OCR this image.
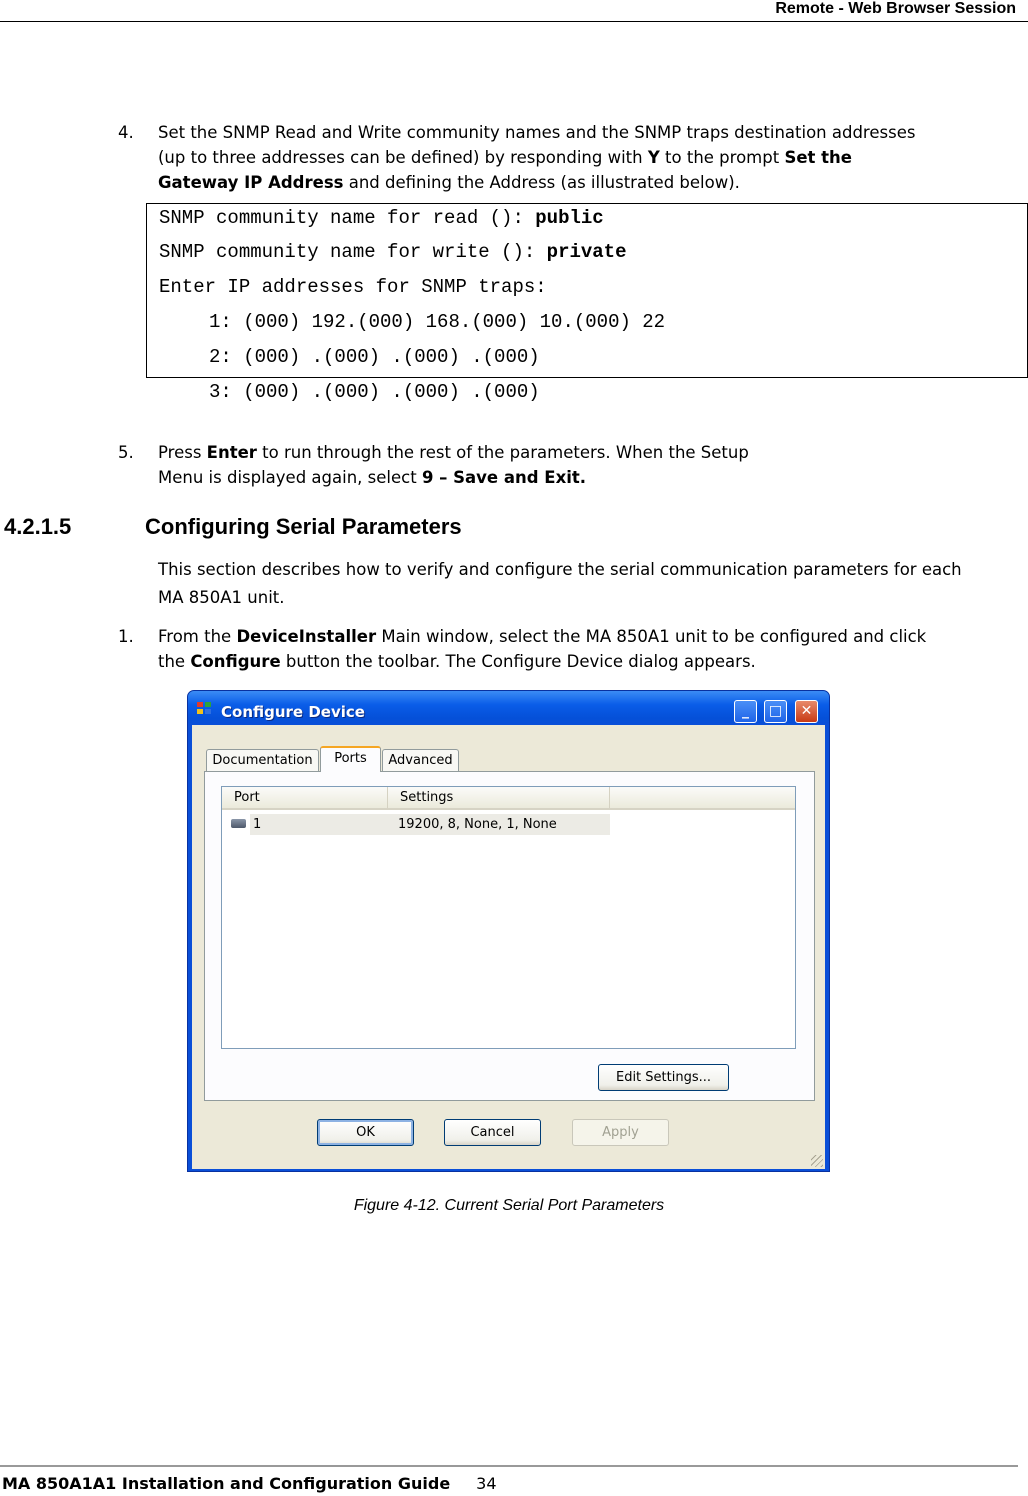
Remote - Web Browser Session
4. Set the SNMP Read and Write community names and the SNMP traps destination addresses
(up to three addresses can be defined) by responding with Y to the prompt Set the
Gateway IP Address and defining the Address (as illustrated below).
SNMP community name for read (): public
SNMP community name for write (): private
Enter IP addresses for SNMP traps:
1: (000) 192.(000) 168.(000) 10.(000) 22
2: (000) .(000) .(000) .(000)
3: (000) .(000) .(000) .(000)
5. Press Enter to run through the rest of the parameters. When the Setup
Menu is displayed again, select 9 – Save and Exit.
4.2.1.5	Configuring Serial Parameters
This section describes how to verify and configure the serial communication parameters for each
MA 850A1 unit.
1. From the DeviceInstaller Main window, select the MA 850A1 unit to be configured and click
the Configure button the toolbar. The Configure Device dialog appears.
Configure Device	_	□	✕
Documentation	Ports	Advanced
Port	Settings
1	19200, 8, None, 1, None
Edit Settings...
OK	Cancel	Apply
Figure 4-12. Current Serial Port Parameters
MA 850A1A1 Installation and Configuration Guide 34
